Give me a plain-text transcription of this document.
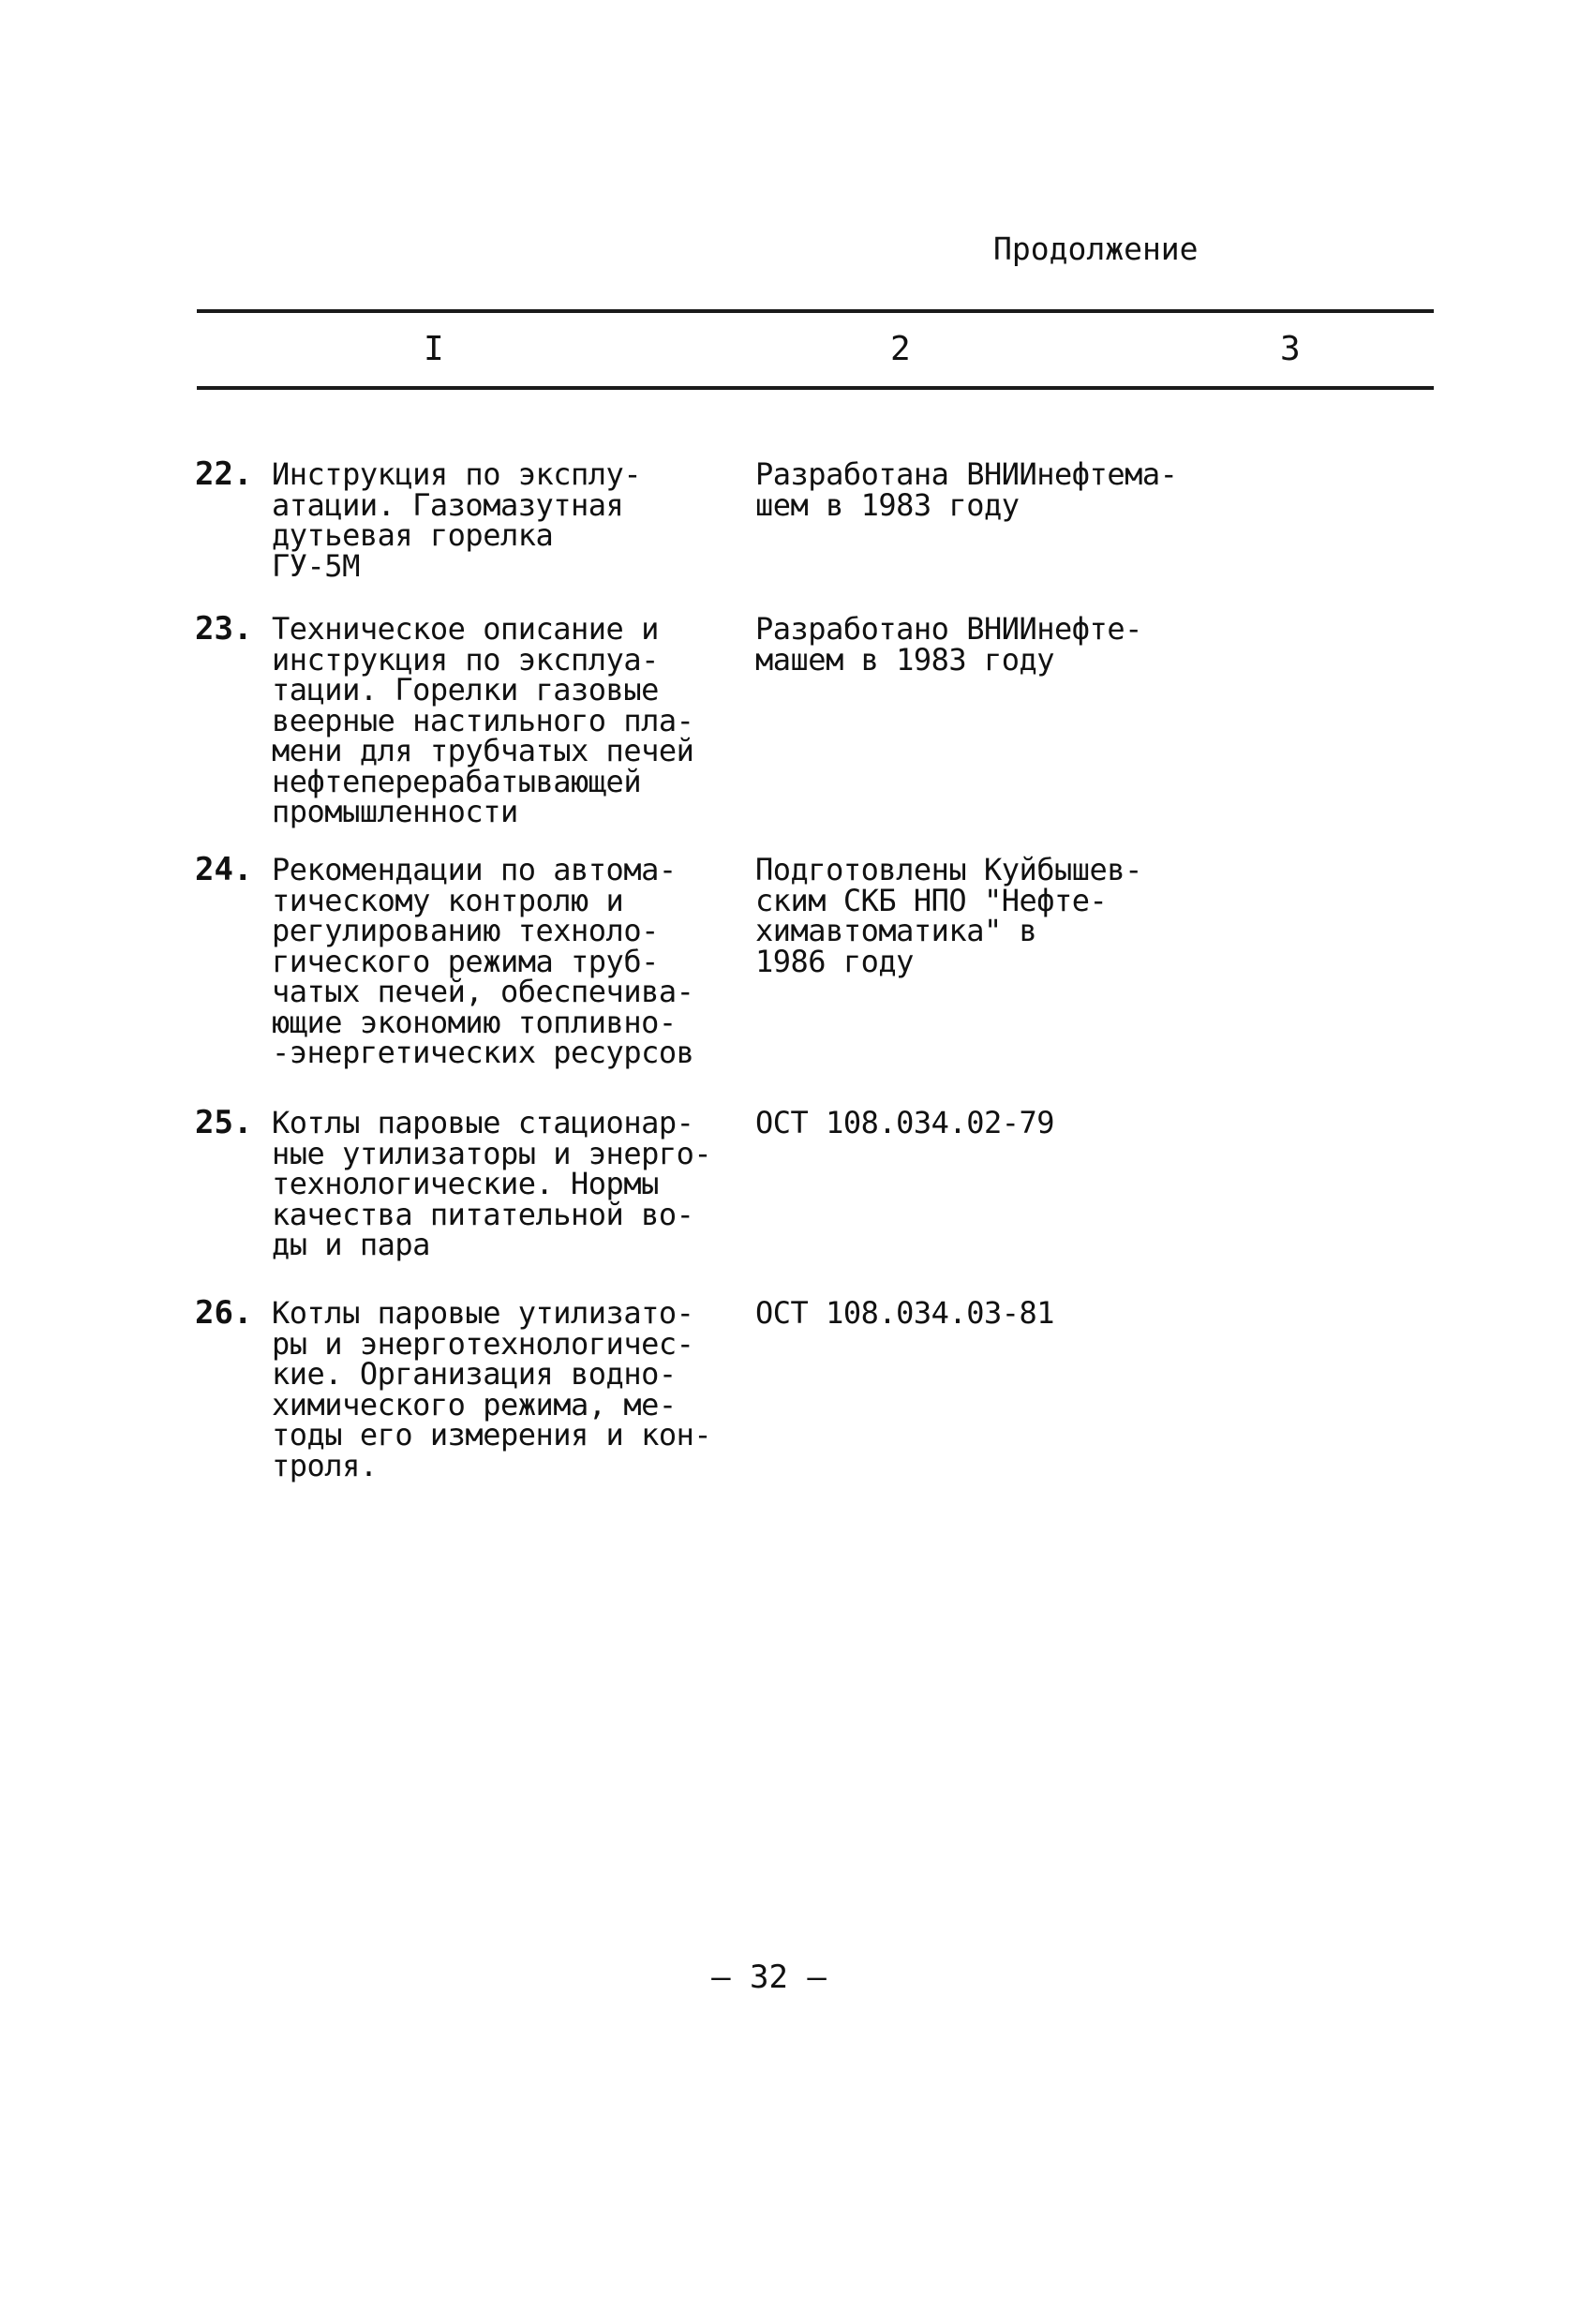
Продолжение
I	2	3
22. Инструкция по эксплу-
атации. Газомазутная
дутьевая горелка
ГУ-5М
Разработана ВНИИнефтема-
шем в 1983 году
23. Техническое описание и
инструкция по эксплуа-
тации. Горелки газовые
веерные настильного пла-
мени для трубчатых печей
нефтеперерабатывающей
промышленности
Разработано ВНИИнефте-
машем в 1983 году
24. Рекомендации по автома-
тическому контролю и
регулированию техноло-
гического режима труб-
чатых печей, обеспечива-
ющие экономию топливно-
-энергетических ресурсов
Подготовлены Куйбышев-
ским СКБ НПО "Нефте-
химавтоматика" в
1986 году
25. Котлы паровые стационар-
ные утилизаторы и энерго-
технологические. Нормы
качества питательной во-
ды и пара
ОСТ 108.034.02-79
26. Котлы паровые утилизато-
ры и энерготехнологичес-
кие. Организация водно-
химического режима, ме-
тоды его измерения и кон-
троля.
ОСТ 108.034.03-81
– 32 –
